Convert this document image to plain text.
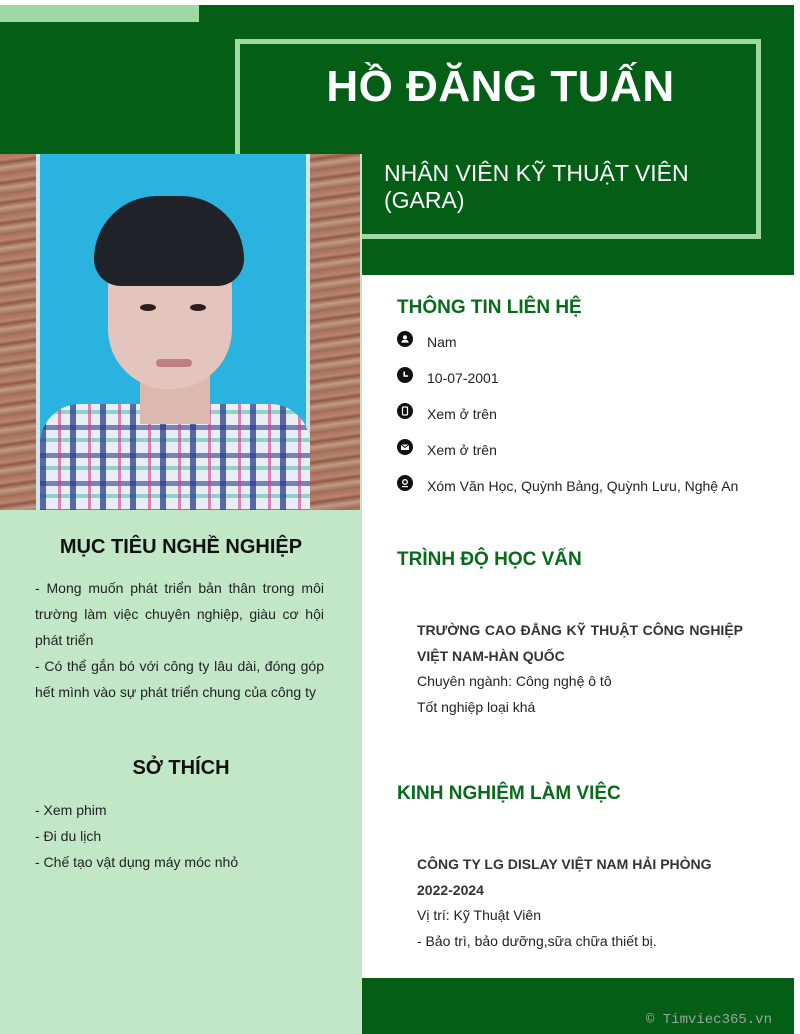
HỒ ĐĂNG TUẤN
NHÂN VIÊN KỸ THUẬT VIÊN (GARA)
MỤC TIÊU NGHỀ NGHIỆP
- Mong muốn phát triển bản thân trong môi trường làm việc chuyên nghiệp, giàu cơ hội phát triển
- Có thể gắn bó với công ty lâu dài, đóng góp hết mình vào sự phát triển chung của công ty
SỞ THÍCH
- Xem phim
- Đi du lịch
- Chế tạo vật dụng máy móc nhỏ
THÔNG TIN LIÊN HỆ
Nam
10-07-2001
Xem ở trên
Xem ở trên
Xóm Văn Học, Quỳnh Bảng, Quỳnh Lưu, Nghệ An
TRÌNH ĐỘ HỌC VẤN
TRƯỜNG CAO ĐẲNG KỸ THUẬT CÔNG NGHIỆP VIỆT NAM-HÀN QUỐC
Chuyên ngành: Công nghệ ô tô
Tốt nghiệp loại khá
KINH NGHIỆM LÀM VIỆC
CÔNG TY LG DISLAY VIỆT NAM HẢI PHÒNG
2022-2024
Vị trí: Kỹ Thuật Viên
- Bảo trì, bảo dưỡng,sữa chữa thiết bị.
© Timviec365.vn
